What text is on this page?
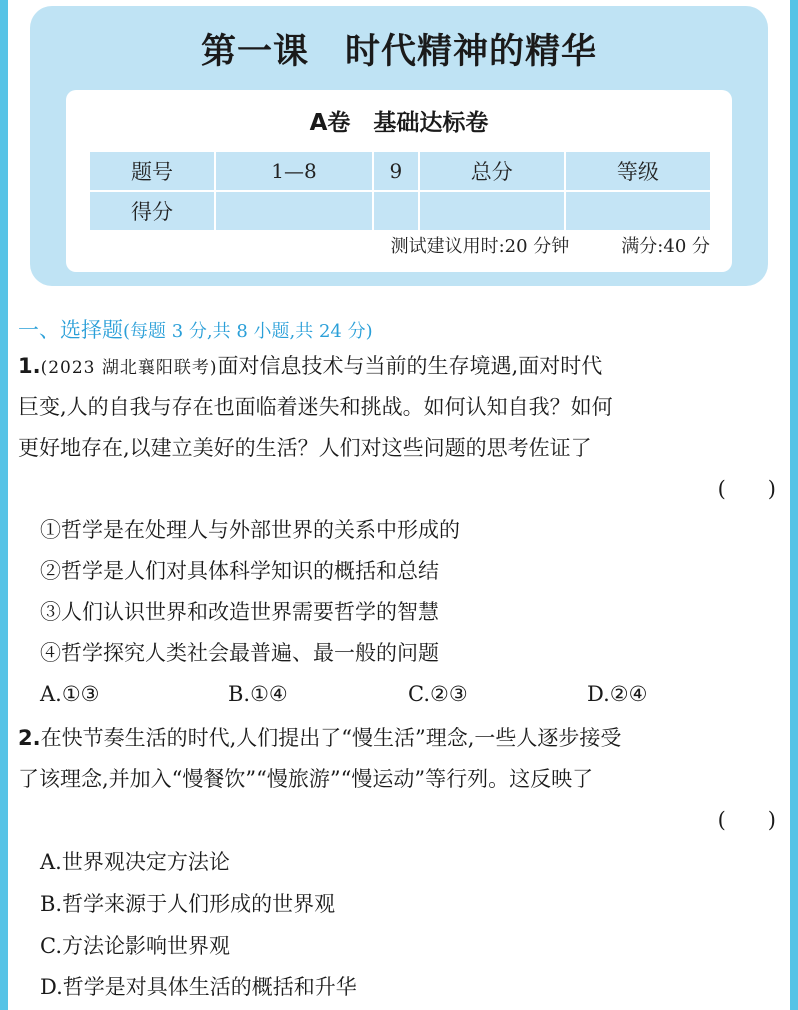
第一课　时代精神的精华
A卷　基础达标卷
题号	1—8	9	总分	等级
得分				
测试建议用时:20 分钟	满分:40 分
一、选择题(每题 3 分,共 8 小题,共 24 分)
1.(2023 湖北襄阳联考)面对信息技术与当前的生存境遇,面对时代
巨变,人的自我与存在也面临着迷失和挑战。如何认知自我？如何
更好地存在,以建立美好的生活？人们对这些问题的思考佐证了
(　　)
①哲学是在处理人与外部世界的关系中形成的
②哲学是人们对具体科学知识的概括和总结
③人们认识世界和改造世界需要哲学的智慧
④哲学探究人类社会最普遍、最一般的问题
A.①③	B.①④	C.②③	D.②④
2.在快节奏生活的时代,人们提出了“慢生活”理念,一些人逐步接受
了该理念,并加入“慢餐饮”“慢旅游”“慢运动”等行列。这反映了
(　　)
A.世界观决定方法论
B.哲学来源于人们形成的世界观
C.方法论影响世界观
D.哲学是对具体生活的概括和升华
